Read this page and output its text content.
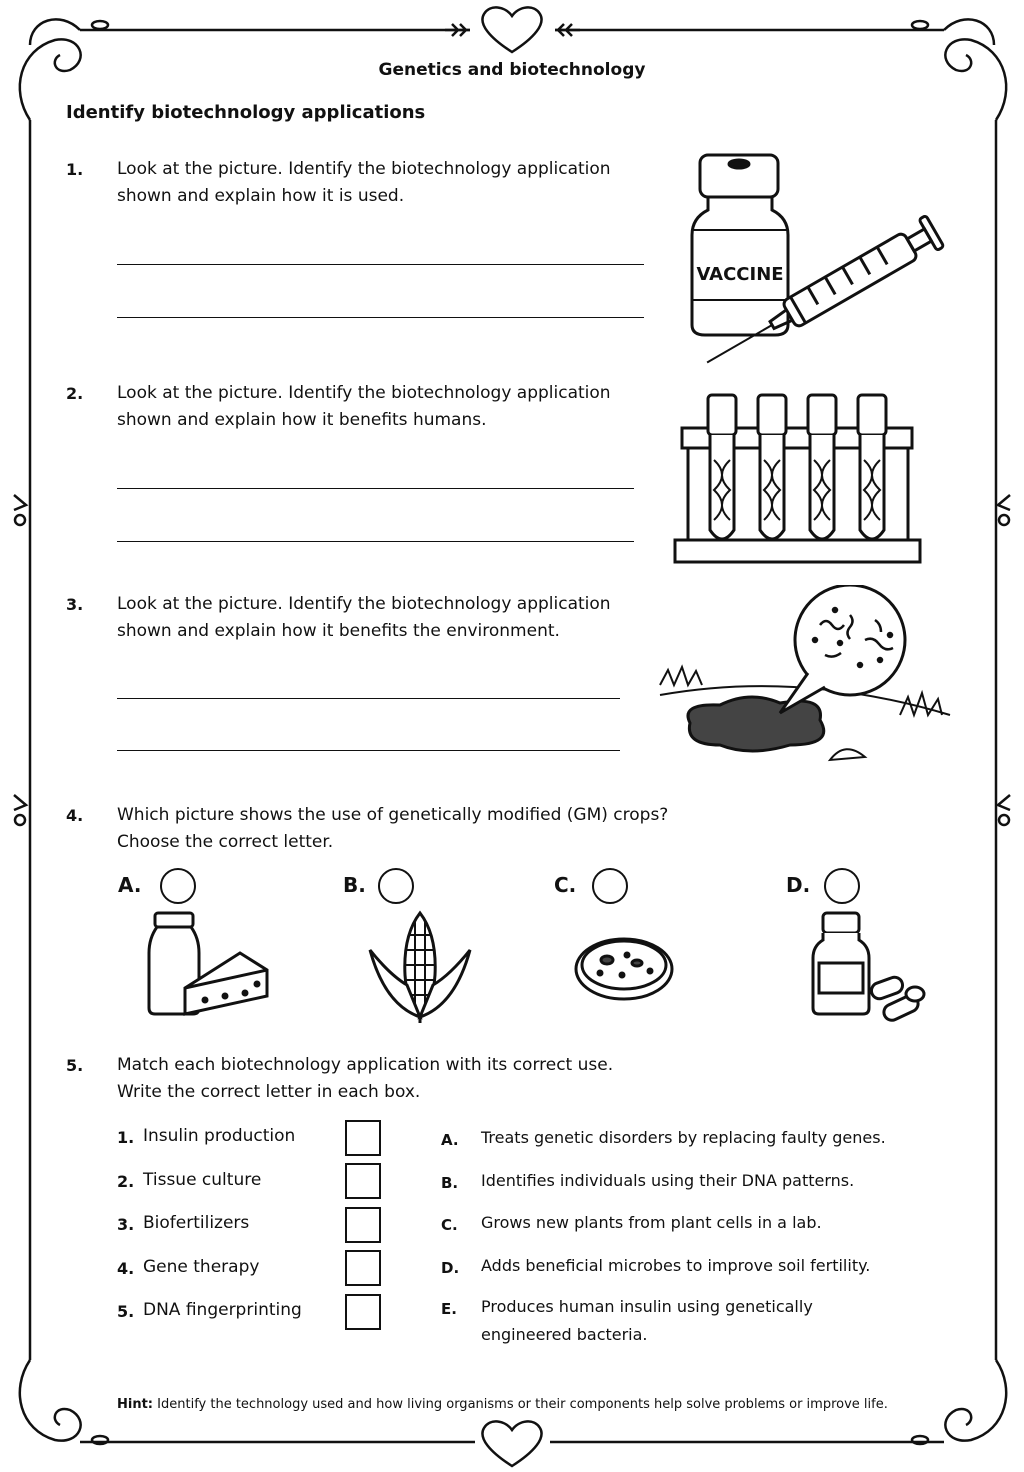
Genetics and biotechnology
Identify biotechnology applications
1. Look at the picture. Identify the biotechnology application
shown and explain how it is used.
VACCINE
2. Look at the picture. Identify the biotechnology application
shown and explain how it benefits humans.
3. Look at the picture. Identify the biotechnology application
shown and explain how it benefits the environment.
4. Which picture shows the use of genetically modified (GM) crops?
Choose the correct letter.
A.	B.	C.	D.
5. Match each biotechnology application with its correct use.
Write the correct letter in each box.
1. Insulin production
2. Tissue culture
3. Biofertilizers
4. Gene therapy
5. DNA fingerprinting
A. Treats genetic disorders by replacing faulty genes.
B. Identifies individuals using their DNA patterns.
C. Grows new plants from plant cells in a lab.
D. Adds beneficial microbes to improve soil fertility.
E. Produces human insulin using genetically engineered bacteria.
Hint: Identify the technology used and how living organisms or their components help solve problems or improve life.
